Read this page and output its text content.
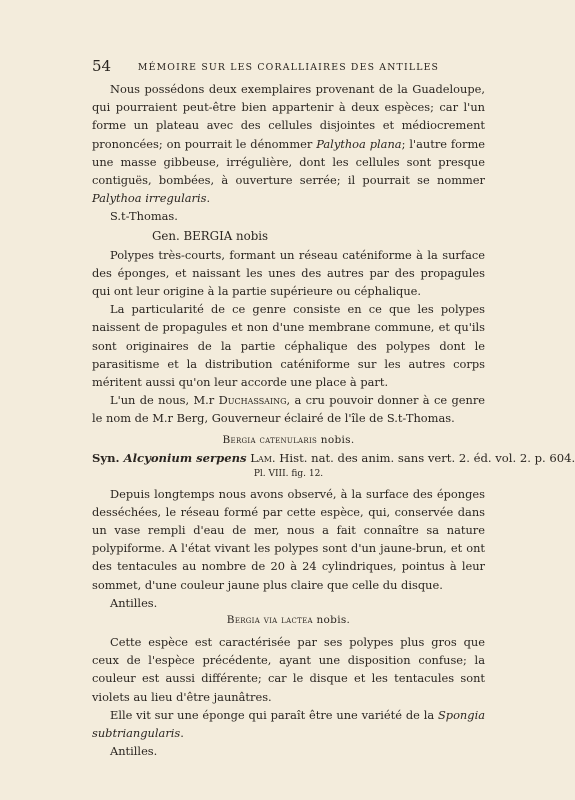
54	MÉMOIRE SUR LES CORALLIAIRES DES ANTILLES

Nous possédons deux exemplaires provenant de la Guadeloupe, qui pourraient peut-être bien appartenir à deux espèces; car l'un forme un plateau avec des cellules disjointes et médiocrement prononcées; on pourrait le dénommer Palythoa plana; l'autre forme une masse gibbeuse, irrégulière, dont les cellules sont presque contiguës, bombées, à ouverture serrée; il pourrait se nommer Palythoa irregularis.

S.t-Thomas.

Gen. BERGIA nobis

Polypes très-courts, formant un réseau caténiforme à la surface des éponges, et naissant les unes des autres par des propagules qui ont leur origine à la partie supérieure ou céphalique.

La particularité de ce genre consiste en ce que les polypes naissent de propagules et non d'une membrane commune, et qu'ils sont originaires de la partie céphalique des polypes dont le parasitisme et la distribution caténiforme sur les autres corps méritent aussi qu'on leur accorde une place à part.

L'un de nous, M.r Duchassaing, a cru pouvoir donner à ce genre le nom de M.r Berg, Gouverneur éclairé de l'île de S.t-Thomas.

Bergia catenularis nobis.
Syn. Alcyonium serpens Lam. Hist. nat. des anim. sans vert. 2. éd. vol. 2. p. 604.
Pl. VIII. fig. 12.

Depuis longtemps nous avons observé, à la surface des éponges desséchées, le réseau formé par cette espèce, qui, conservée dans un vase rempli d'eau de mer, nous a fait connaître sa nature polypiforme. A l'état vivant les polypes sont d'un jaune-brun, et ont des tentacules au nombre de 20 à 24 cylindriques, pointus à leur sommet, d'une couleur jaune plus claire que celle du disque.

Antilles.

Bergia via lactea nobis.

Cette espèce est caractérisée par ses polypes plus gros que ceux de l'espèce précédente, ayant une disposition confuse; la couleur est aussi différente; car le disque et les tentacules sont violets au lieu d'être jaunâtres.

Elle vit sur une éponge qui paraît être une variété de la Spongia subtriangularis.

Antilles.
